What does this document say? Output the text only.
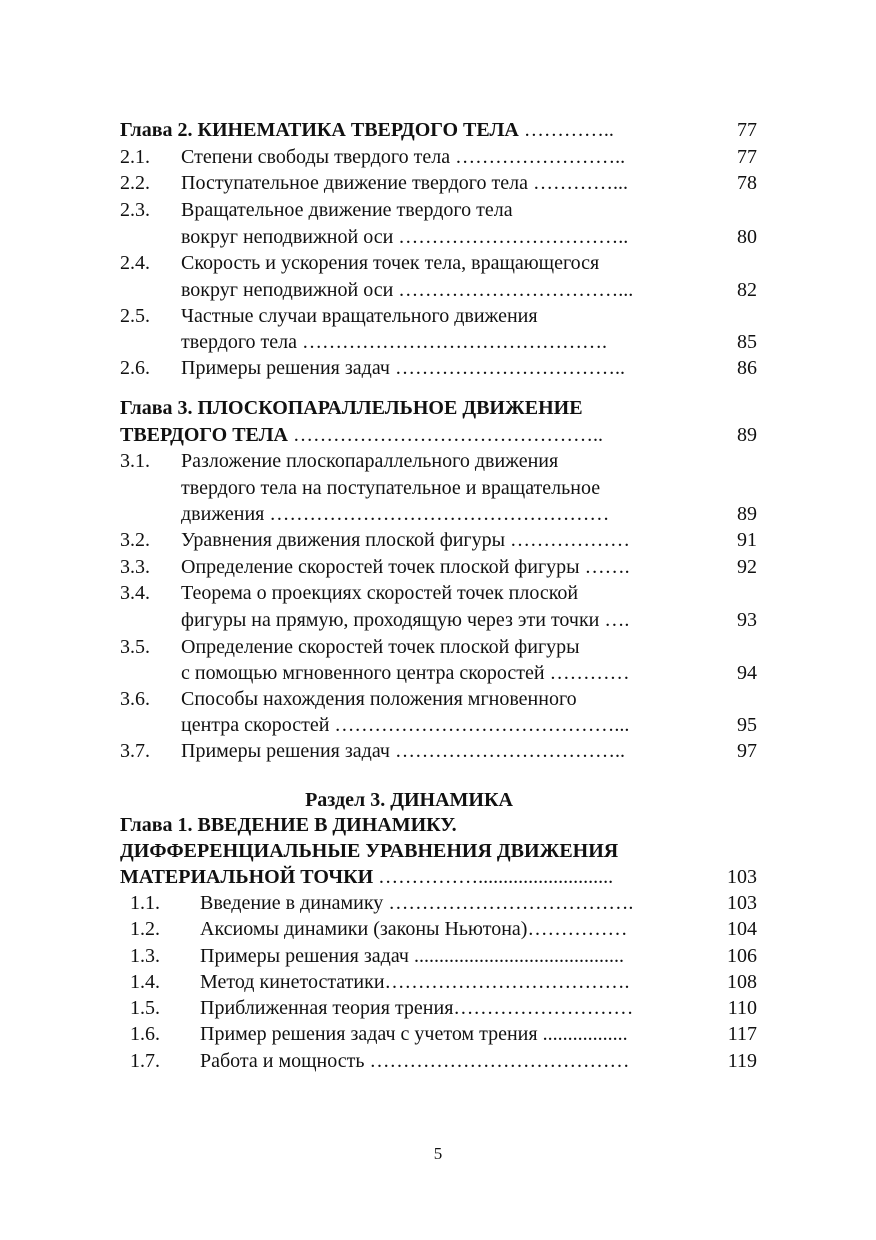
Глава 2. КИНЕМАТИКА ТВЕРДОГО ТЕЛА …………..	77
2.1. Степени свободы твердого тела ……………………..	77
2.2. Поступательное движение твердого тела …………...	78
2.3. Вращательное движение твердого тела
вокруг неподвижной оси ……………………………..	80
2.4. Скорость и ускорения точек тела, вращающегося
вокруг неподвижной оси ……………………………...	82
2.5. Частные случаи вращательного движения
твердого тела ……………………………………….	85
2.6. Примеры решения задач ……………………………..	86
Глава 3. ПЛОСКОПАРАЛЛЕЛЬНОЕ ДВИЖЕНИЕ
ТВЕРДОГО ТЕЛА ………………………………………..	89
3.1. Разложение плоскопараллельного движения
твердого тела на поступательное и вращательное
движения ……………………………………………	89
3.2. Уравнения движения плоской фигуры ………………	91
3.3. Определение скоростей точек плоской фигуры …….	92
3.4. Теорема о проекциях скоростей точек плоской
фигуры на прямую, проходящую через эти точки ….	93
3.5. Определение скоростей точек плоской фигуры
с помощью мгновенного центра скоростей …………	94
3.6. Способы нахождения положения мгновенного
центра скоростей ……………………………………...	95
3.7. Примеры решения задач ……………………………..	97
Раздел 3. ДИНАМИКА
Глава 1. ВВЕДЕНИЕ В ДИНАМИКУ.
ДИФФЕРЕНЦИАЛЬНЫЕ УРАВНЕНИЯ ДВИЖЕНИЯ
МАТЕРИАЛЬНОЙ ТОЧКИ ……………...........................	103
1.1. Введение в динамику ……………………………….	103
1.2. Аксиомы динамики (законы Ньютона)……………	104
1.3. Примеры решения задач ..........................................	106
1.4. Метод кинетостатики……………………………….	108
1.5. Приближенная теория трения………………………	110
1.6. Пример решения задач с учетом трения .................	117
1.7. Работа и мощность …………………………………	119
5
